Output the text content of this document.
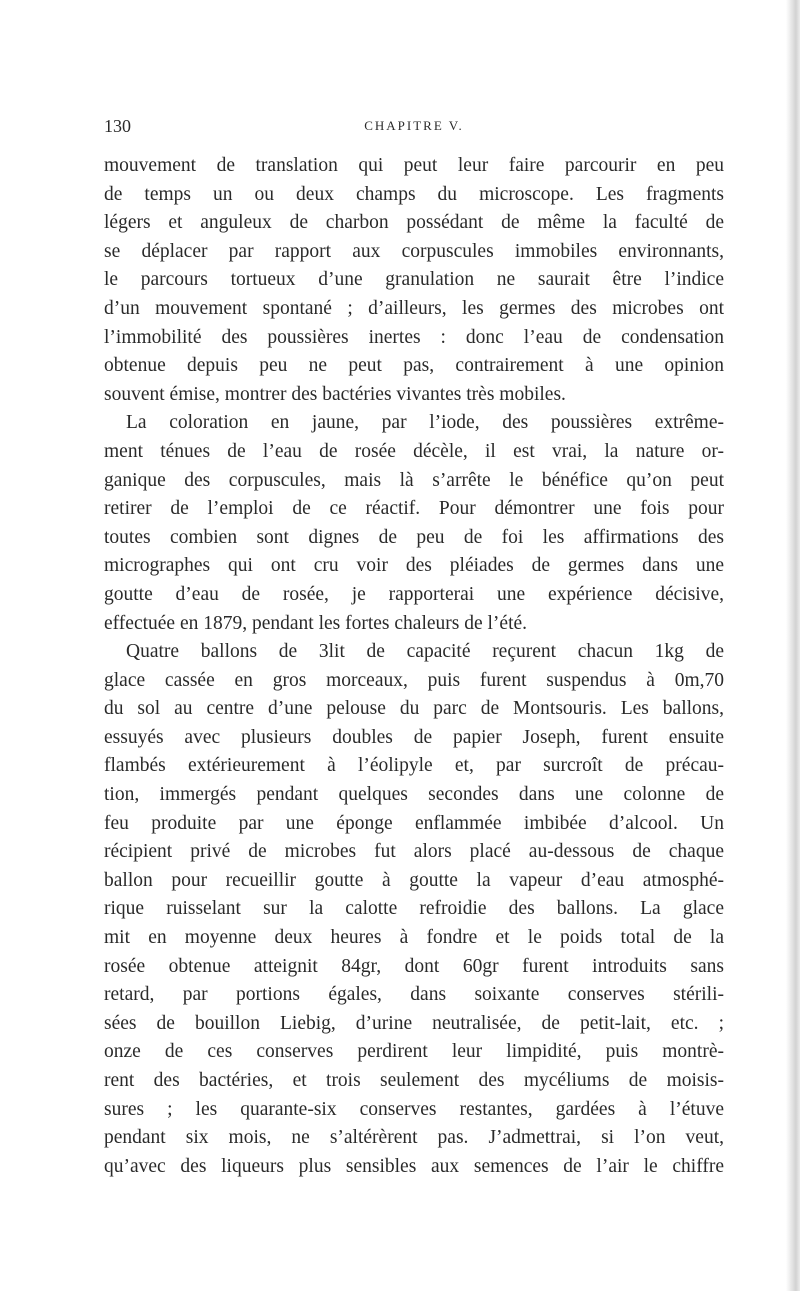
130	CHAPITRE V.
mouvement de translation qui peut leur faire parcourir en peu
de temps un ou deux champs du microscope. Les fragments
légers et anguleux de charbon possédant de même la faculté de
se déplacer par rapport aux corpuscules immobiles environnants,
le parcours tortueux d’une granulation ne saurait être l’indice
d’un mouvement spontané ; d’ailleurs, les germes des microbes ont
l’immobilité des poussières inertes : donc l’eau de condensation
obtenue depuis peu ne peut pas, contrairement à une opinion
souvent émise, montrer des bactéries vivantes très mobiles.
La coloration en jaune, par l’iode, des poussières extrême-
ment ténues de l’eau de rosée décèle, il est vrai, la nature or-
ganique des corpuscules, mais là s’arrête le bénéfice qu’on peut
retirer de l’emploi de ce réactif. Pour démontrer une fois pour
toutes combien sont dignes de peu de foi les affirmations des
micrographes qui ont cru voir des pléiades de germes dans une
goutte d’eau de rosée, je rapporterai une expérience décisive,
effectuée en 1879, pendant les fortes chaleurs de l’été.
Quatre ballons de 3lit de capacité reçurent chacun 1kg de
glace cassée en gros morceaux, puis furent suspendus à 0m,70
du sol au centre d’une pelouse du parc de Montsouris. Les ballons,
essuyés avec plusieurs doubles de papier Joseph, furent ensuite
flambés extérieurement à l’éolipyle et, par surcroît de précau-
tion, immergés pendant quelques secondes dans une colonne de
feu produite par une éponge enflammée imbibée d’alcool. Un
récipient privé de microbes fut alors placé au-dessous de chaque
ballon pour recueillir goutte à goutte la vapeur d’eau atmosphé-
rique ruisselant sur la calotte refroidie des ballons. La glace
mit en moyenne deux heures à fondre et le poids total de la
rosée obtenue atteignit 84gr, dont 60gr furent introduits sans
retard, par portions égales, dans soixante conserves stérili-
sées de bouillon Liebig, d’urine neutralisée, de petit-lait, etc. ;
onze de ces conserves perdirent leur limpidité, puis montrè-
rent des bactéries, et trois seulement des mycéliums de moisis-
sures ; les quarante-six conserves restantes, gardées à l’étuve
pendant six mois, ne s’altérèrent pas. J’admettrai, si l’on veut,
qu’avec des liqueurs plus sensibles aux semences de l’air le chiffre
